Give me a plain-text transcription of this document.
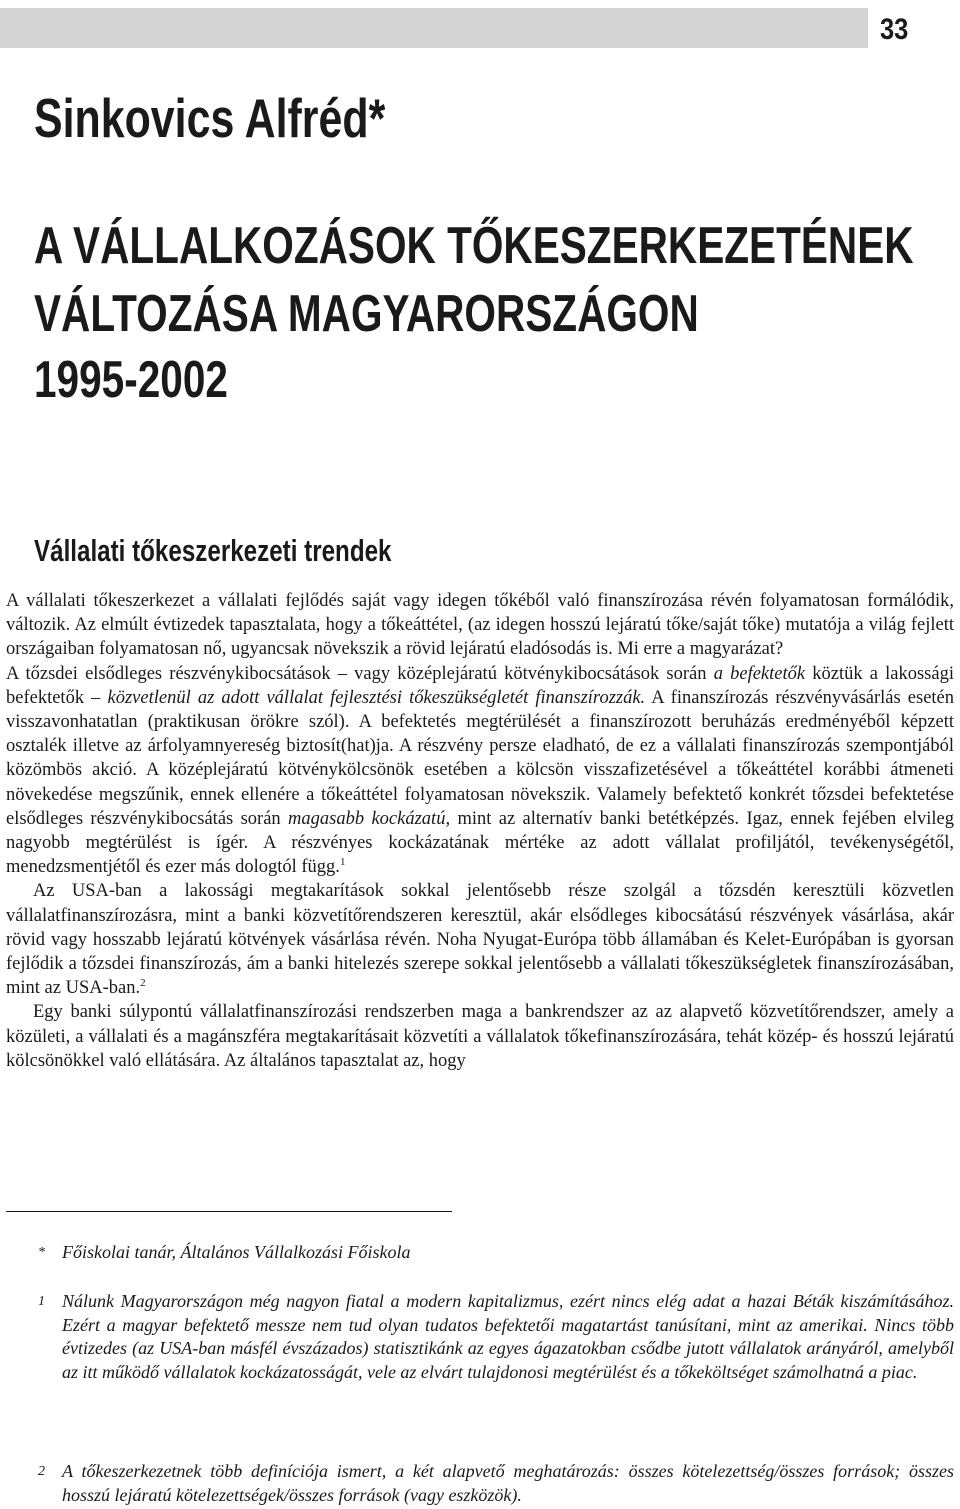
33
Sinkovics Alfréd*
A VÁLLALKOZÁSOK TŐKESZERKEZETÉNEK
VÁLTOZÁSA MAGYARORSZÁGON
1995-2002
Vállalati tőkeszerkezeti trendek

A vállalati tőkeszerkezet a vállalati fejlődés saját vagy idegen tőkéből való finanszírozása révén folyamatosan formálódik, változik. Az elmúlt évtizedek tapasztalata, hogy a tőkeáttétel, (az idegen hosszú lejáratú tőke/saját tőke) mutatója a világ fejlett országaiban folyamatosan nő, ugyancsak növekszik a rövid lejáratú eladósodás is. Mi erre a magyarázat?

A tőzsdei elsődleges részvénykibocsátások – vagy középlejáratú kötvénykibocsátások során a befektetők köztük a lakossági befektetők – közvetlenül az adott vállalat fejlesztési tőkeszükségletét finanszírozzák. A finanszírozás részvényvásárlás esetén visszavonhatatlan (praktikusan örökre szól). A befektetés megtérülését a finanszírozott beruházás eredményéből képzett osztalék illetve az árfolyamnyereség biztosít(hat)ja. A részvény persze eladható, de ez a vállalati finanszírozás szempontjából közömbös akció. A középlejáratú kötvénykölcsönök esetében a kölcsön visszafizetésével a tőkeáttétel korábbi átmeneti növekedése megszűnik, ennek ellenére a tőkeáttétel folyamatosan növekszik. Valamely befektető konkrét tőzsdei befektetése elsődleges részvénykibocsátás során magasabb kockázatú, mint az alternatív banki betétképzés. Igaz, ennek fejében elvileg nagyobb megtérülést is ígér. A részvényes kockázatának mértéke az adott vállalat profiljától, tevékenységétől, menedzsmentjétől és ezer más dologtól függ.$^1$

Az USA-ban a lakossági megtakarítások sokkal jelentősebb része szolgál a tőzsdén keresztüli közvetlen vállalatfinanszírozásra, mint a banki közvetítőrendszeren keresztül, akár elsődleges kibocsátású részvények vásárlása, akár rövid vagy hosszabb lejáratú kötvények vásárlása révén. Noha Nyugat-Európa több államában és Kelet-Európában is gyorsan fejlődik a tőzsdei finanszírozás, ám a banki hitelezés szerepe sokkal jelentősebb a vállalati tőkeszükségletek finanszírozásában, mint az USA-ban.$^2$

Egy banki súlypontú vállalatfinanszírozási rendszerben maga a bankrendszer az az alapvető közvetítőrendszer, amely a közületi, a vállalati és a magánszféra megtakarításait közvetíti a vállalatok tőkefinanszírozására, tehát közép- és hosszú lejáratú kölcsönökkel való ellátására. Az általános tapasztalat az, hogy

* Főiskolai tanár, Általános Vállalkozási Főiskola
1 Nálunk Magyarországon még nagyon fiatal a modern kapitalizmus, ezért nincs elég adat a hazai Béták kiszámításához. Ezért a magyar befektető messze nem tud olyan tudatos befektetői magatartást tanúsítani, mint az amerikai. Nincs több évtizedes (az USA-ban másfél évszázados) statisztikánk az egyes ágazatokban csődbe jutott vállalatok arányáról, amelyből az itt működő vállalatok kockázatosságát, vele az elvárt tulajdonosi megtérülést és a tőkeköltséget számolhatná a piac.
2 A tőkeszerkezetnek több definíciója ismert, a két alapvető meghatározás: összes kötelezettség/összes források; összes hosszú lejáratú kötelezettségek/összes források (vagy eszközök).
